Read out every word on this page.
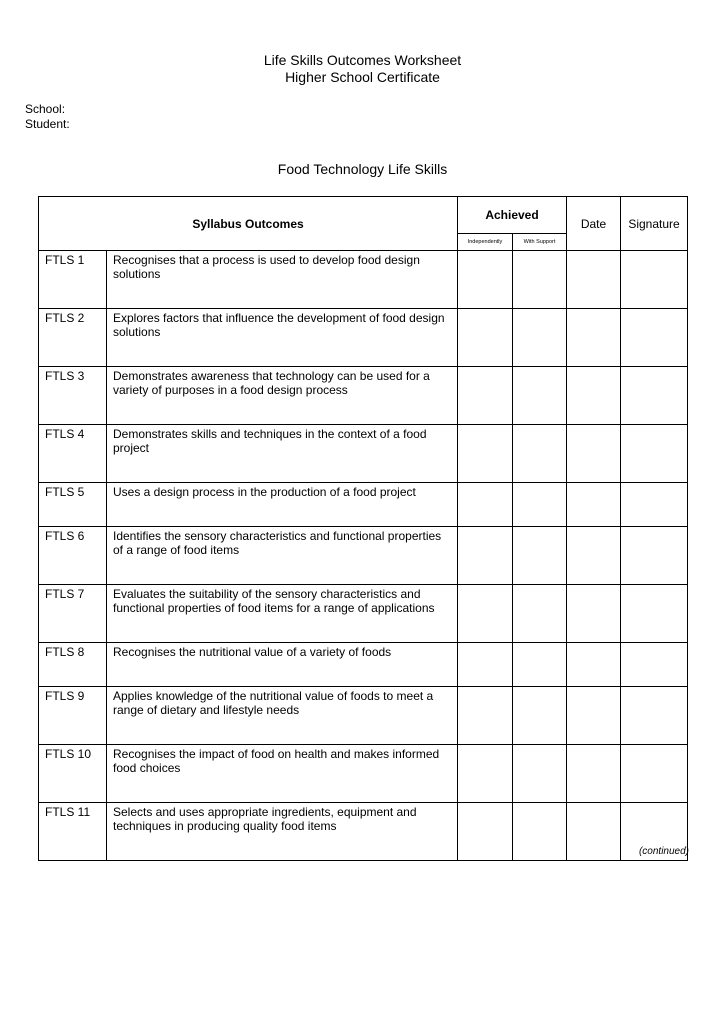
Life Skills Outcomes Worksheet
Higher School Certificate
School:
Student:
Food Technology Life Skills
Syllabus Outcomes		Achieved		Date	Signature
		Independently	With Support		
FTLS 1	Recognises that a process is used to develop food design solutions				
FTLS 2	Explores factors that influence the development of food design solutions				
FTLS 3	Demonstrates awareness that technology can be used for a variety of purposes in a food design process				
FTLS 4	Demonstrates skills and techniques in the context of a food project				
FTLS 5	Uses a design process in the production of a food project				
FTLS 6	Identifies the sensory characteristics and functional properties of a range of food items				
FTLS 7	Evaluates the suitability of the sensory characteristics and functional properties of food items for a range of applications				
FTLS 8	Recognises the nutritional value of a variety of foods				
FTLS 9	Applies knowledge of the nutritional value of foods to meet a range of dietary and lifestyle needs				
FTLS 10	Recognises the impact of food on health and makes informed food choices				
FTLS 11	Selects and uses appropriate ingredients, equipment and techniques in producing quality food items				
(continued)
